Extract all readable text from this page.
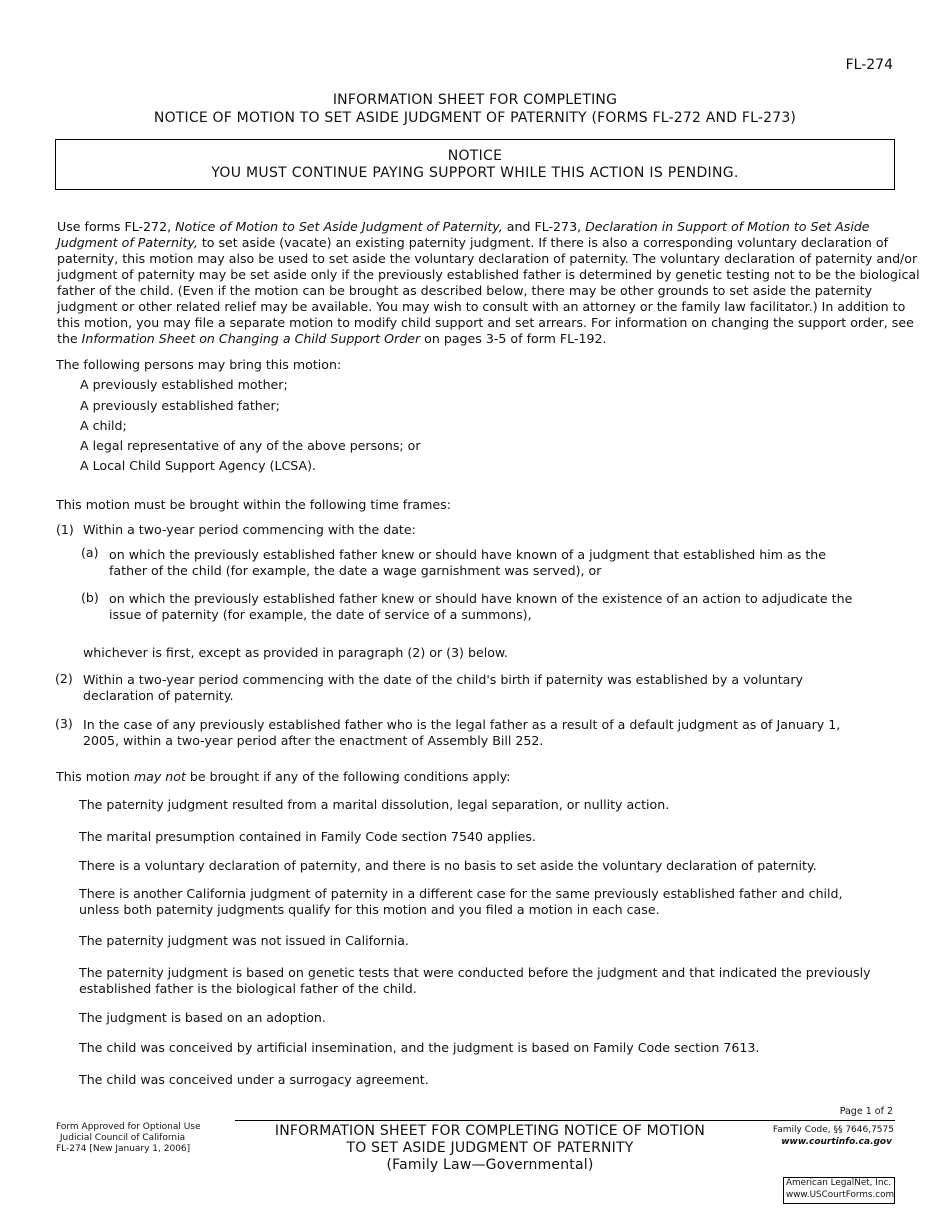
FL-274
INFORMATION SHEET FOR COMPLETING
NOTICE OF MOTION TO SET ASIDE JUDGMENT OF PATERNITY (FORMS FL-272 AND FL-273)
NOTICE
YOU MUST CONTINUE PAYING SUPPORT WHILE THIS ACTION IS PENDING.
Use forms FL-272, Notice of Motion to Set Aside Judgment of Paternity, and FL-273, Declaration in Support of Motion to Set Aside
Judgment of Paternity, to set aside (vacate) an existing paternity judgment. If there is also a corresponding voluntary declaration of
paternity, this motion may also be used to set aside the voluntary declaration of paternity. The voluntary declaration of paternity and/or
judgment of paternity may be set aside only if the previously established father is determined by genetic testing not to be the biological
father of the child. (Even if the motion can be brought as described below, there may be other grounds to set aside the paternity
judgment or other related relief may be available. You may wish to consult with an attorney or the family law facilitator.) In addition to
this motion, you may file a separate motion to modify child support and set arrears. For information on changing the support order, see
the Information Sheet on Changing a Child Support Order on pages 3-5 of form FL-192.
The following persons may bring this motion:
A previously established mother;
A previously established father;
A child;
A legal representative of any of the above persons; or
A Local Child Support Agency (LCSA).
This motion must be brought within the following time frames:
(1) Within a two-year period commencing with the date:
(a) on which the previously established father knew or should have known of a judgment that established him as the
father of the child (for example, the date a wage garnishment was served), or
(b) on which the previously established father knew or should have known of the existence of an action to adjudicate the
issue of paternity (for example, the date of service of a summons),
whichever is first, except as provided in paragraph (2) or (3) below.
(2) Within a two-year period commencing with the date of the child's birth if paternity was established by a voluntary
declaration of paternity.
(3) In the case of any previously established father who is the legal father as a result of a default judgment as of January 1,
2005, within a two-year period after the enactment of Assembly Bill 252.
This motion may not be brought if any of the following conditions apply:
The paternity judgment resulted from a marital dissolution, legal separation, or nullity action.
The marital presumption contained in Family Code section 7540 applies.
There is a voluntary declaration of paternity, and there is no basis to set aside the voluntary declaration of paternity.
There is another California judgment of paternity in a different case for the same previously established father and child,
unless both paternity judgments qualify for this motion and you filed a motion in each case.
The paternity judgment was not issued in California.
The paternity judgment is based on genetic tests that were conducted before the judgment and that indicated the previously
established father is the biological father of the child.
The judgment is based on an adoption.
The child was conceived by artificial insemination, and the judgment is based on Family Code section 7613.
The child was conceived under a surrogacy agreement.
Page 1 of 2
Form Approved for Optional Use
Judicial Council of California
FL-274 [New January 1, 2006]
INFORMATION SHEET FOR COMPLETING NOTICE OF MOTION
TO SET ASIDE JUDGMENT OF PATERNITY
(Family Law—Governmental)
Family Code, §§ 7646,7575
www.courtinfo.ca.gov
American LegalNet, Inc.
www.USCourtForms.com
